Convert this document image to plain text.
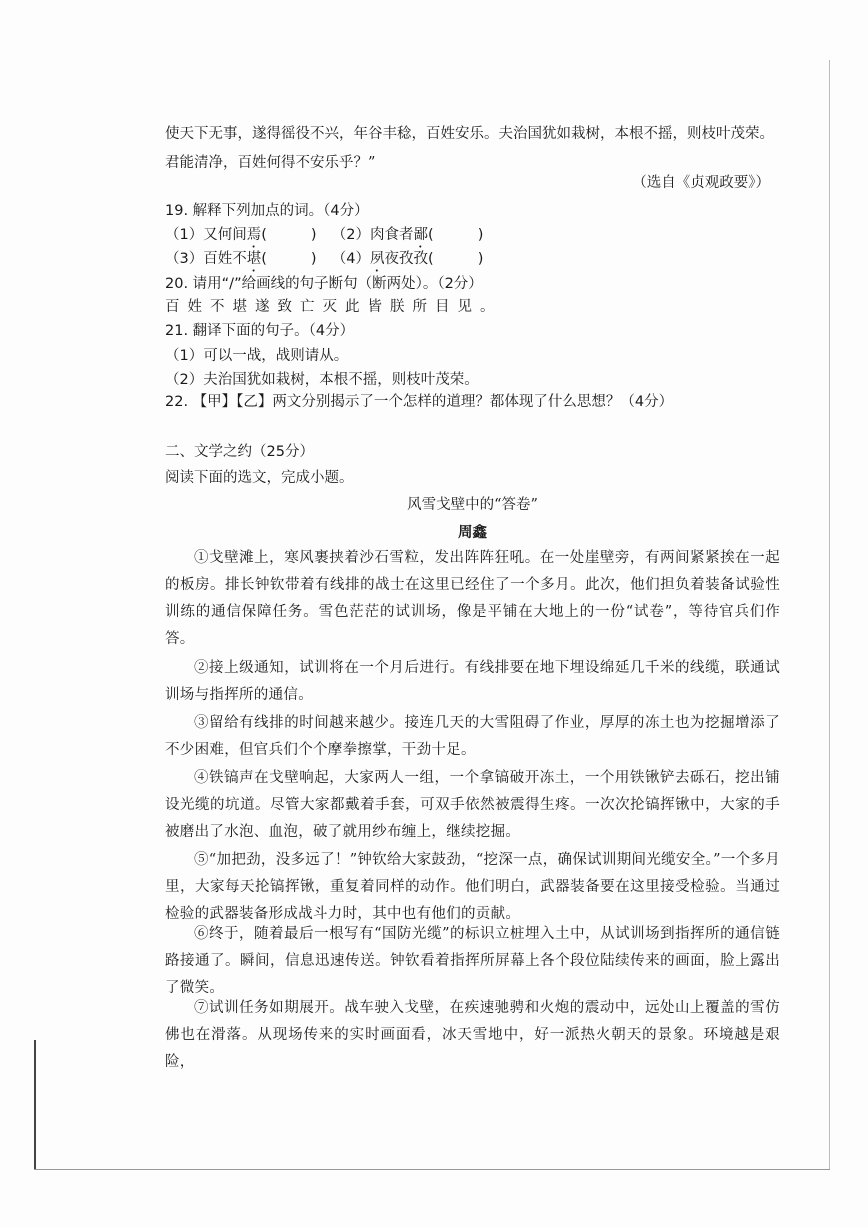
使天下无事，遂得徭役不兴，年谷丰稔，百姓安乐。夫治国犹如栽树，本根不摇，则枝叶茂荣。
君能清净，百姓何得不安乐乎？”
（选自《贞观政要》）
19. 解释下列加点的词。（4分）
（1）又何间焉(	) （2）肉食者鄙(	)
（3）百姓不堪(	) （4）夙夜孜孜(	)
20. 请用“/”给画线的句子断句（断两处）。（2分）
百姓不堪遂致亡灭此皆朕所目见。
21. 翻译下面的句子。（4分）
（1）可以一战，战则请从。
（2）夫治国犹如栽树，本根不摇，则枝叶茂荣。
22. 【甲】【乙】两文分别揭示了一个怎样的道理？都体现了什么思想？（4分）
二、文学之约（25分）
阅读下面的选文，完成小题。
风雪戈壁中的“答卷”
周鑫
①戈壁滩上，寒风裹挟着沙石雪粒，发出阵阵狂吼。在一处崖壁旁，有两间紧紧挨在一起的板房。排长钟钦带着有线排的战士在这里已经住了一个多月。此次，他们担负着装备试验性训练的通信保障任务。雪色茫茫的试训场，像是平铺在大地上的一份“试卷”，等待官兵们作答。
②接上级通知，试训将在一个月后进行。有线排要在地下埋设绵延几千米的线缆，联通试训场与指挥所的通信。
③留给有线排的时间越来越少。接连几天的大雪阻碍了作业，厚厚的冻土也为挖掘增添了不少困难，但官兵们个个摩拳擦掌，干劲十足。
④铁镐声在戈壁响起，大家两人一组，一个拿镐破开冻土，一个用铁锹铲去砾石，挖出铺设光缆的坑道。尽管大家都戴着手套，可双手依然被震得生疼。一次次抡镐挥锹中，大家的手被磨出了水泡、血泡，破了就用纱布缠上，继续挖掘。
⑤“加把劲，没多远了！”钟钦给大家鼓劲，“挖深一点，确保试训期间光缆安全。”一个多月里，大家每天抡镐挥锹，重复着同样的动作。他们明白，武器装备要在这里接受检验。当通过检验的武器装备形成战斗力时，其中也有他们的贡献。
⑥终于，随着最后一根写有“国防光缆”的标识立桩埋入土中，从试训场到指挥所的通信链路接通了。瞬间，信息迅速传送。钟钦看着指挥所屏幕上各个段位陆续传来的画面，脸上露出了微笑。
⑦试训任务如期展开。战车驶入戈壁，在疾速驰骋和火炮的震动中，远处山上覆盖的雪仿佛也在滑落。从现场传来的实时画面看，冰天雪地中，好一派热火朝天的景象。环境越是艰险，
